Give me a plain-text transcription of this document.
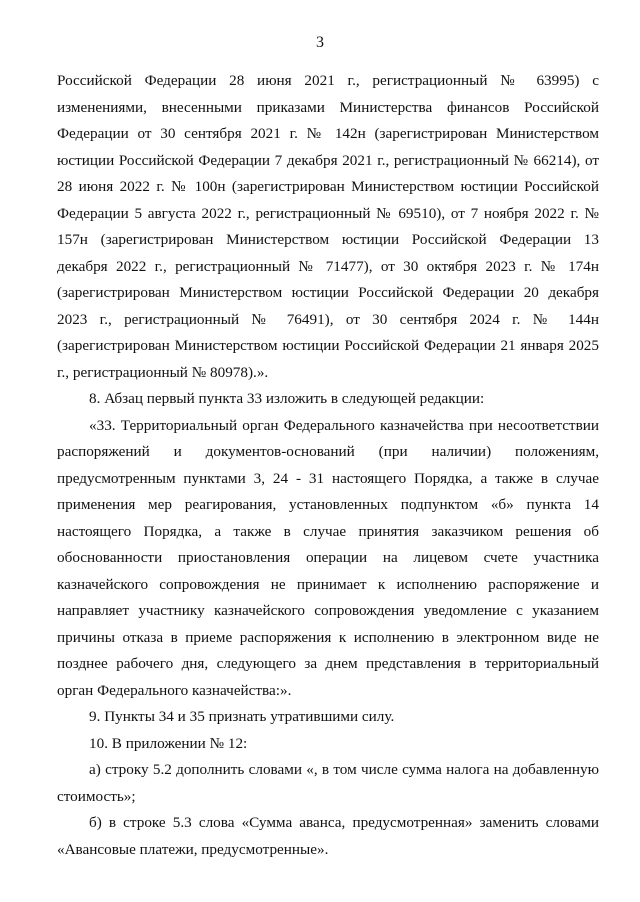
3

Российской Федерации 28 июня 2021 г., регистрационный № 63995) с изменениями, внесенными приказами Министерства финансов Российской Федерации от 30 сентября 2021 г. № 142н (зарегистрирован Министерством юстиции Российской Федерации 7 декабря 2021 г., регистрационный № 66214), от 28 июня 2022 г. № 100н (зарегистрирован Министерством юстиции Российской Федерации 5 августа 2022 г., регистрационный № 69510), от 7 ноября 2022 г. № 157н (зарегистрирован Министерством юстиции Российской Федерации 13 декабря 2022 г., регистрационный № 71477), от 30 октября 2023 г. № 174н (зарегистрирован Министерством юстиции Российской Федерации 20 декабря 2023 г., регистрационный № 76491), от 30 сентября 2024 г. № 144н (зарегистрирован Министерством юстиции Российской Федерации 21 января 2025 г., регистрационный № 80978).».

8. Абзац первый пункта 33 изложить в следующей редакции:

«33. Территориальный орган Федерального казначейства при несоответствии распоряжений и документов-оснований (при наличии) положениям, предусмотренным пунктами 3, 24 - 31 настоящего Порядка, а также в случае применения мер реагирования, установленных подпунктом «б» пункта 14 настоящего Порядка, а также в случае принятия заказчиком решения об обоснованности приостановления операции на лицевом счете участника казначейского сопровождения не принимает к исполнению распоряжение и направляет участнику казначейского сопровождения уведомление с указанием причины отказа в приеме распоряжения к исполнению в электронном виде не позднее рабочего дня, следующего за днем представления в территориальный орган Федерального казначейства:».

9. Пункты 34 и 35 признать утратившими силу.

10. В приложении № 12:

а) строку 5.2 дополнить словами «, в том числе сумма налога на добавленную стоимость»;

б) в строке 5.3 слова «Сумма аванса, предусмотренная» заменить словами «Авансовые платежи, предусмотренные».
